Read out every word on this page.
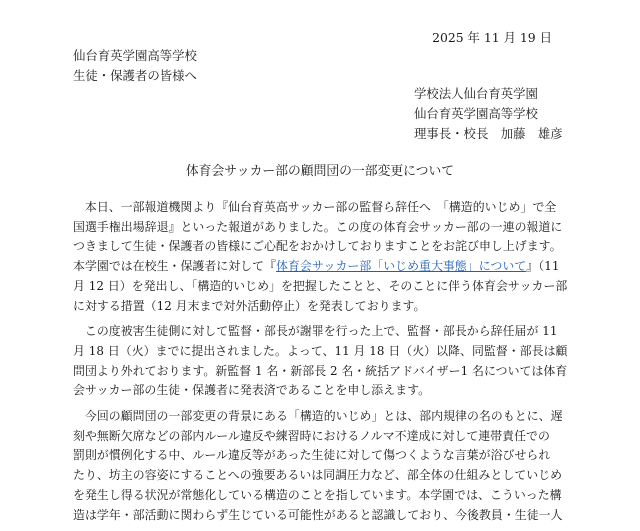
2025 年 11 月 19 日
仙台育英学園高等学校
生徒・保護者の皆様へ
学校法人仙台育英学園
仙台育英学園高等学校
理事長・校長　加藤　雄彦
体育会サッカー部の顧問団の一部変更について

本日、一部報道機関より『仙台育英高サッカー部の監督ら辞任へ　「構造的いじめ」で全
国選手権出場辞退』といった報道がありました。この度の体育会サッカー部の一連の報道に
つきまして生徒・保護者の皆様にご心配をおかけしておりますことをお詫び申し上げます。
本学園では在校生・保護者に対して『体育会サッカー部「いじめ重大事態」について』（11
月 12 日）を発出し、「構造的いじめ」を把握したことと、そのことに伴う体育会サッカー部
に対する措置（12 月末まで対外活動停止）を発表しております。

この度被害生徒側に対して監督・部長が謝罪を行った上で、監督・部長から辞任届が 11
月 18 日（火）までに提出されました。よって、11 月 18 日（火）以降、同監督・部長は顧
問団より外れております。新監督 1 名・新部長 2 名・統括アドバイザー1 名については体育
会サッカー部の生徒・保護者に発表済であることを申し添えます。

今回の顧問団の一部変更の背景にある「構造的いじめ」とは、部内規律の名のもとに、遅
刻や無断欠席などの部内ルール違反や練習時におけるノルマ不達成に対して連帯責任での
罰則が慣例化する中、ルール違反等があった生徒に対して傷つくような言葉が浴びせられ
たり、坊主の容姿にすることへの強要あるいは同調圧力など、部全体の仕組みとしていじめ
を発生し得る状況が常態化している構造のことを指しています。本学園では、こういった構
造は学年・部活動に関わらず生じている可能性があると認識しており、今後教員・生徒一人
